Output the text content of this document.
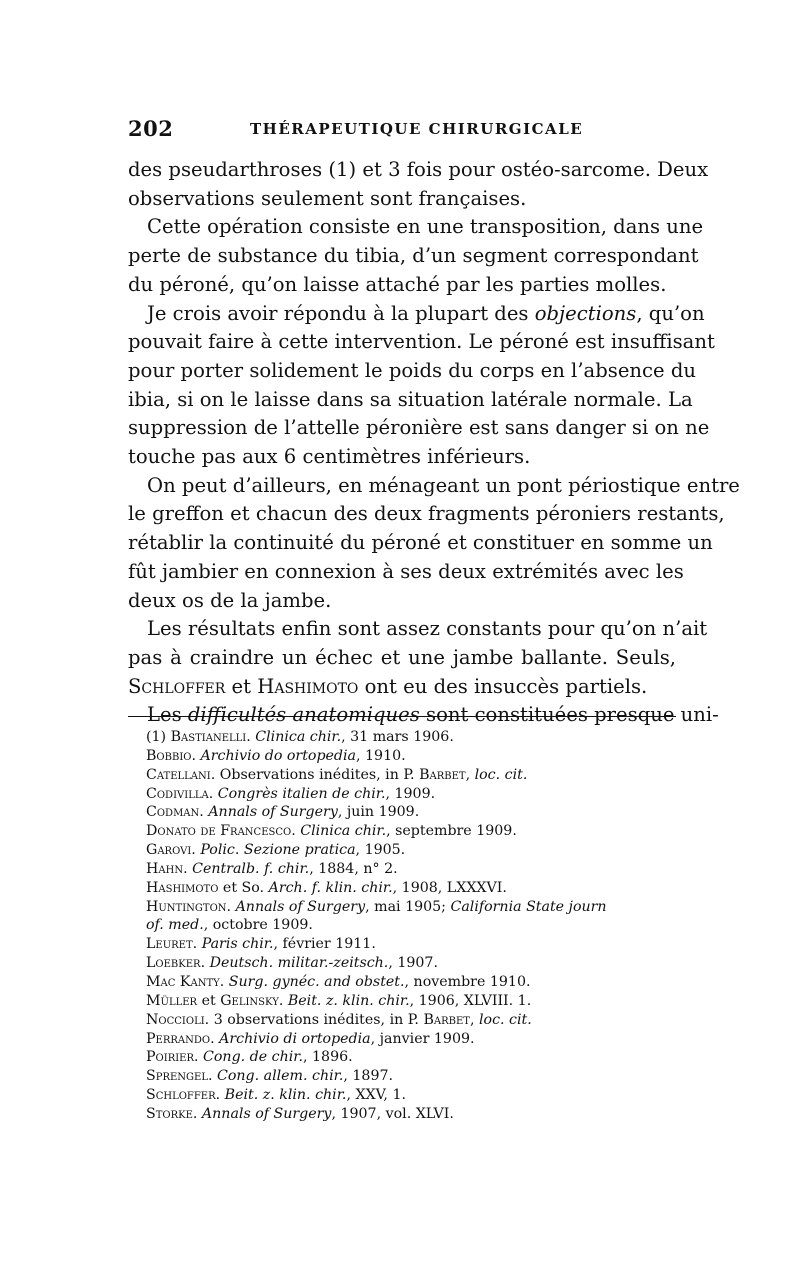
202	THÉRAPEUTIQUE CHIRURGICALE

des pseudarthroses (1) et 3 fois pour ostéo-sarcome. Deux
observations seulement sont françaises.

Cette opération consiste en une transposition, dans une
perte de substance du tibia, d’un segment correspondant
du péroné, qu’on laisse attaché par les parties molles.

Je crois avoir répondu à la plupart des objections, qu’on
pouvait faire à cette intervention. Le péroné est insuffisant
pour porter solidement le poids du corps en l’absence du
ibia, si on le laisse dans sa situation latérale normale. La
suppression de l’attelle péronière est sans danger si on ne
touche pas aux 6 centimètres inférieurs.

On peut d’ailleurs, en ménageant un pont périostique entre
le greffon et chacun des deux fragments péroniers restants,
rétablir la continuité du péroné et constituer en somme un
fût jambier en connexion à ses deux extrémités avec les
deux os de la jambe.

Les résultats enfin sont assez constants pour qu’on n’ait
pas à craindre un échec et une jambe ballante. Seuls,
Schloffer et Hashimoto ont eu des insuccès partiels.

Les difficultés anatomiques sont constituées presque uni-

(1) Bastianelli. Clinica chir., 31 mars 1906.
Bobbio. Archivio do ortopedia, 1910.
Catellani. Observations inédites, in P. Barbet, loc. cit.
Codivilla. Congrès italien de chir., 1909.
Codman. Annals of Surgery, juin 1909.
Donato de Francesco. Clinica chir., septembre 1909.
Garovi. Polic. Sezione pratica, 1905.
Hahn. Centralb. f. chir., 1884, n° 2.
Hashimoto et So. Arch. f. klin. chir., 1908, LXXXVI.
Huntington. Annals of Surgery, mai 1905; California State journ
of. med., octobre 1909.
Leuret. Paris chir., février 1911.
Loebker. Deutsch. militar.-zeitsch., 1907.
Mac Kanty. Surg. gynéc. and obstet., novembre 1910.
Müller et Gelinsky. Beit. z. klin. chir., 1906, XLVIII. 1.
Noccioli. 3 observations inédites, in P. Barbet, loc. cit.
Perrando. Archivio di ortopedia, janvier 1909.
Poirier. Cong. de chir., 1896.
Sprengel. Cong. allem. chir., 1897.
Schloffer. Beit. z. klin. chir., XXV, 1.
Storke. Annals of Surgery, 1907, vol. XLVI.
